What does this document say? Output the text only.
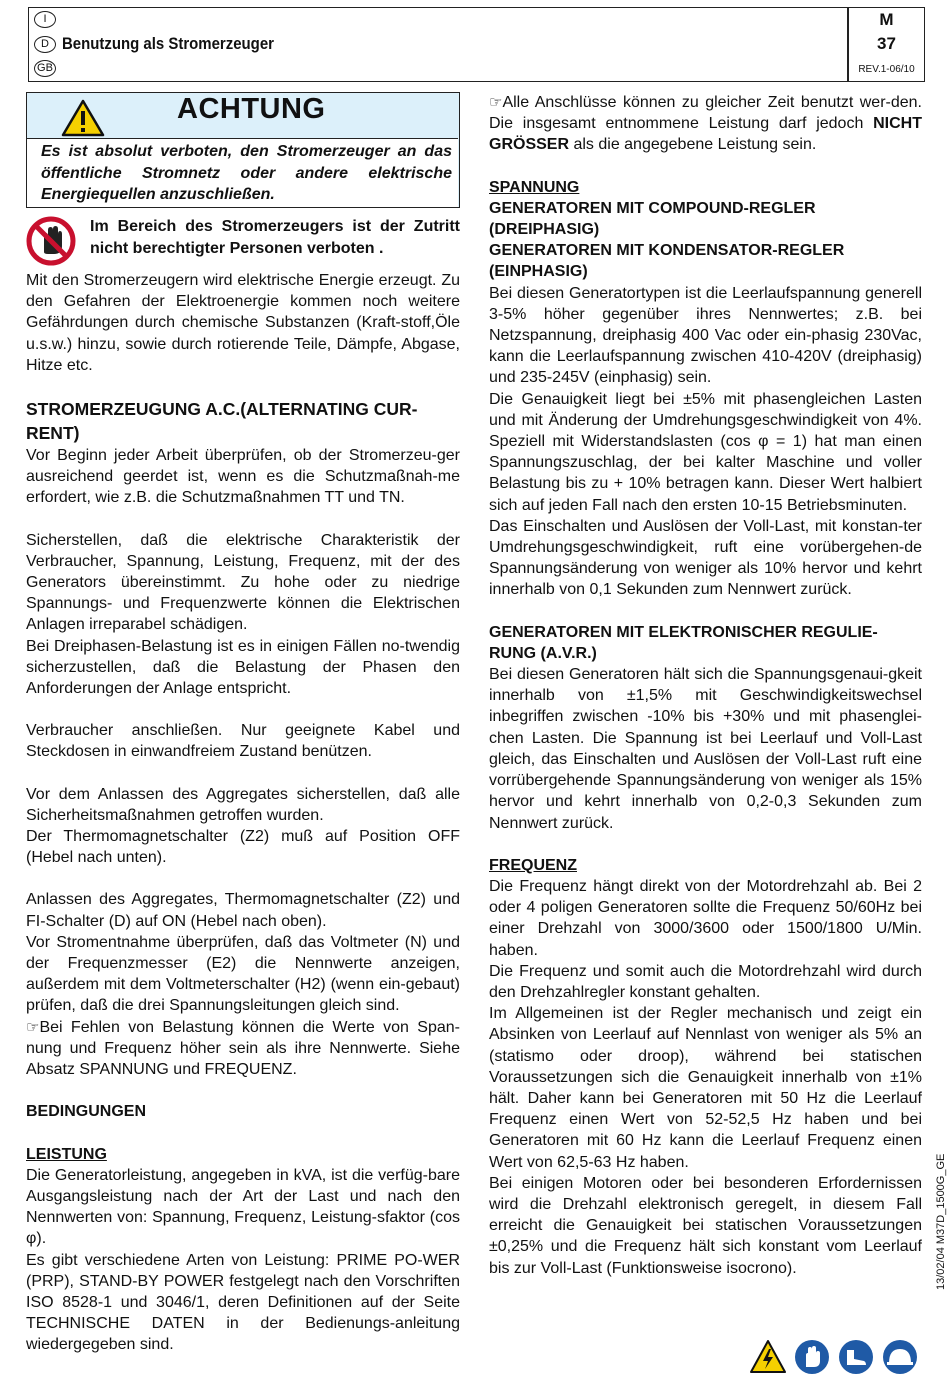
I
D
GB
Benutzung als Stromerzeuger
M
37
REV.1-06/10
ACHTUNG
Es ist absolut verboten, den Stromerzeuger an das öffentliche Stromnetz oder andere elektrische Energiequellen anzuschließen.
Im Bereich des Stromerzeugers ist der Zutritt nicht berechtigter Personen verboten .

Mit den Stromerzeugern wird elektrische Energie erzeugt. Zu den Gefahren der Elektroenergie kommen noch weitere Gefährdungen durch chemische Substanzen (Kraft-stoff,Öle u.s.w.) hinzu, sowie durch rotierende Teile, Dämpfe, Abgase, Hitze etc.

STROMERZEUGUNG A.C.(ALTERNATING CUR-RENT)

Vor Beginn jeder Arbeit überprüfen, ob der Stromerzeu-ger ausreichend geerdet ist, wenn es die Schutzmaßnah-me erfordert, wie z.B. die Schutzmaßnahmen TT und TN.

Sicherstellen, daß die elektrische Charakteristik der Verbraucher, Spannung, Leistung, Frequenz, mit der des Generators übereinstimmt. Zu hohe oder zu niedrige Spannungs- und Frequenzwerte können die Elektrischen Anlagen irreparabel schädigen.

Bei Dreiphasen-Belastung ist es in einigen Fällen no-twendig sicherzustellen, daß die Belastung der Phasen den Anforderungen der Anlage entspricht.

Verbraucher anschließen. Nur geeignete Kabel und Steckdosen in einwandfreiem Zustand benützen.

Vor dem Anlassen des Aggregates sicherstellen, daß alle Sicherheitsmaßnahmen getroffen wurden.

Der Thermomagnetschalter (Z2) muß auf Position OFF (Hebel nach unten).

Anlassen des Aggregates, Thermomagnetschalter (Z2) und FI-Schalter (D) auf ON (Hebel nach oben).

Vor Stromentnahme überprüfen, daß das Voltmeter (N) und der Frequenzmesser (E2) die Nennwerte anzeigen, außerdem mit dem Voltmeterschalter (H2) (wenn ein-gebaut) prüfen, daß die drei Spannungsleitungen gleich sind.

☞Bei Fehlen von Belastung können die Werte von Span-nung und Frequenz höher sein als ihre Nennwerte. Siehe Absatz SPANNUNG und FREQUENZ.

BEDINGUNGEN

LEISTUNG

Die Generatorleistung, angegeben in kVA, ist die verfüg-bare Ausgangsleistung nach der Art der Last und nach den Nennwerten von: Spannung, Frequenz, Leistung-sfaktor (cos φ).

Es gibt verschiedene Arten von Leistung: PRIME PO-WER (PRP), STAND-BY POWER festgelegt nach den Vorschriften ISO 8528-1 und 3046/1, deren Definitionen auf der Seite TECHNISCHE DATEN in der Bedienungs-anleitung wiedergegeben sind.

☞Alle Anschlüsse können zu gleicher Zeit benutzt wer-den. Die insgesamt entnommene Leistung darf jedoch NICHT GRÖSSER als die angegebene Leistung sein.

SPANNUNG

GENERATOREN MIT COMPOUND-REGLER (DREIPHASIG)

GENERATOREN MIT KONDENSATOR-REGLER (EINPHASIG)

Bei diesen Generatortypen ist die Leerlaufspannung generell 3-5% höher gegenüber ihres Nennwertes; z.B. bei Netzspannung, dreiphasig 400 Vac oder ein-phasig 230Vac, kann die Leerlaufspannung zwischen 410-420V (dreiphasig) und 235-245V (einphasig) sein.

Die Genauigkeit liegt bei ±5% mit phasengleichen Lasten und mit Änderung der Umdrehungsgeschwindigkeit von 4%. Speziell mit Widerstandslasten (cos φ = 1) hat man einen Spannungszuschlag, der bei kalter Maschine und voller Belastung bis zu + 10% betragen kann. Dieser Wert halbiert sich auf jeden Fall nach den ersten 10-15 Betriebsminuten.

Das Einschalten und Auslösen der Voll-Last, mit konstan-ter Umdrehungsgeschwindigkeit, ruft eine vorübergehen-de Spannungsänderung von weniger als 10% hervor und kehrt innerhalb von 0,1 Sekunden zum Nennwert zurück.

GENERATOREN MIT ELEKTRONISCHER REGULIE-RUNG (A.V.R.)

Bei diesen Generatoren hält sich die Spannungsgenaui-gkeit innerhalb von ±1,5% mit Geschwindigkeitswechsel inbegriffen zwischen -10% bis +30% und mit phasenglei-chen Lasten. Die Spannung ist bei Leerlauf und Voll-Last gleich, das Einschalten und Auslösen der Voll-Last ruft eine vorrübergehende Spannungsänderung von weniger als 15% hervor und kehrt innerhalb von 0,2-0,3 Sekunden zum Nennwert zurück.

FREQUENZ

Die Frequenz hängt direkt von der Motordrehzahl ab. Bei 2 oder 4 poligen Generatoren sollte die Frequenz 50/60Hz bei einer Drehzahl von 3000/3600 oder 1500/1800 U/Min. haben.

Die Frequenz und somit auch die Motordrehzahl wird durch den Drehzahlregler konstant gehalten.

Im Allgemeinen ist der Regler mechanisch und zeigt ein Absinken von Leerlauf auf Nennlast von weniger als 5% an (statismo oder droop), während bei statischen Voraussetzungen sich die Genauigkeit innerhalb von ±1% hält. Daher kann bei Generatoren mit 50 Hz die Leerlauf Frequenz einen Wert von 52-52,5 Hz haben und bei Generatoren mit 60 Hz kann die Leerlauf Frequenz einen Wert von 62,5-63 Hz haben.

Bei einigen Motoren oder bei besonderen Erfordernissen wird die Drehzahl elektronisch geregelt, in diesem Fall erreicht die Genauigkeit bei statischen Voraussetzungen ±0,25% und die Frequenz hält sich konstant vom Leerlauf bis zur Voll-Last (Funktionsweise isocrono).	13/02/04 M37D_1500G_GE
